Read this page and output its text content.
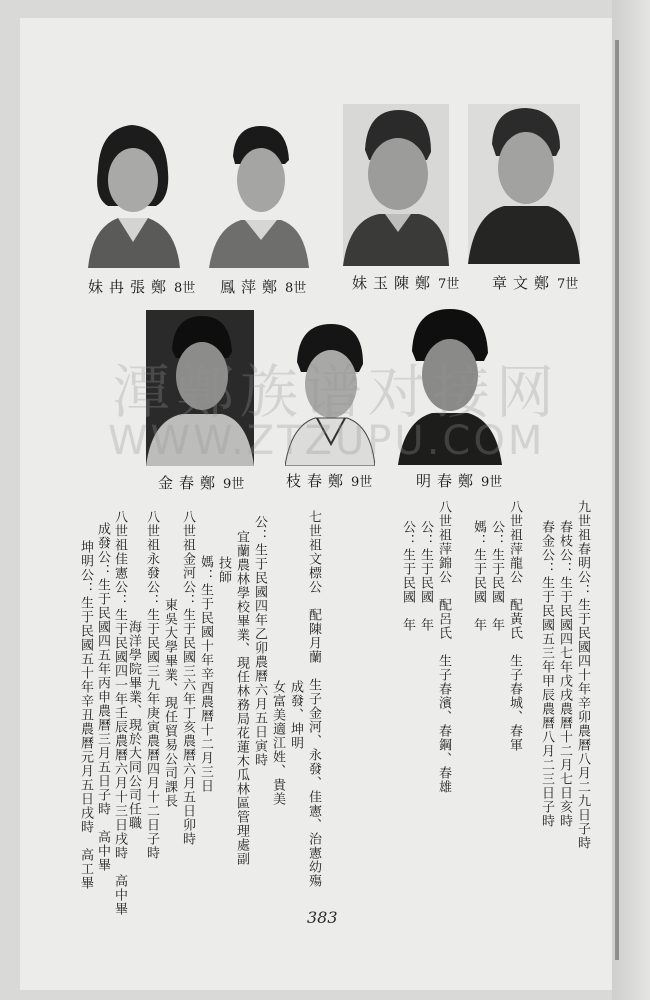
妹冉張鄭 8世 鳳萍鄭 8世	妹玉陳鄭 7世 章文鄭 7世
金春鄭 9世	枝春鄭 9世	明春鄭 9世
潭鄭族谱对接网
WWW.ZTZUPU.COM
九世祖春明公：生于民國四十年辛卯農曆八月二九日子時
春枝公：生于民國四七年戊戌農曆十二月七日亥時
春金公：生于民國五三年甲辰農曆八月二三日子時
八世祖萍龍公　配黃氏　生子春城、春軍
公：生于民國　年
媽：生于民國　年
八世祖萍錦公　配呂氏　生子春濱、春鋼、春雄
公：生于民國　年
公：生于民國　年
七世祖文標公　配陳月蘭　生子金河、永發、佳憲、治憲幼殤
成發、坤明
女富美適江姓、貴美
公：生于民國四年乙卯農曆六月五日寅時
宜蘭農林學校畢業、現任林務局花蓮木瓜林區管理處副
技師
媽：生于民國十年辛酉農曆十二月三日
八世祖金河公：生于民國三六年丁亥農曆六月五日卯時
東吳大學畢業、現任貿易公司課長
八世祖永發公：生于民國三九年庚寅農曆四月十二日子時
海洋學院畢業、現於大同公司任職
八世祖佳憲公：生于民國四一年壬辰農曆六月十三日戌時　高中畢
成發公：生于民國四五年丙申農曆三月五日子時　高中畢
坤明公：生于民國五十年辛丑農曆元月五日戌時　高工畢
383
